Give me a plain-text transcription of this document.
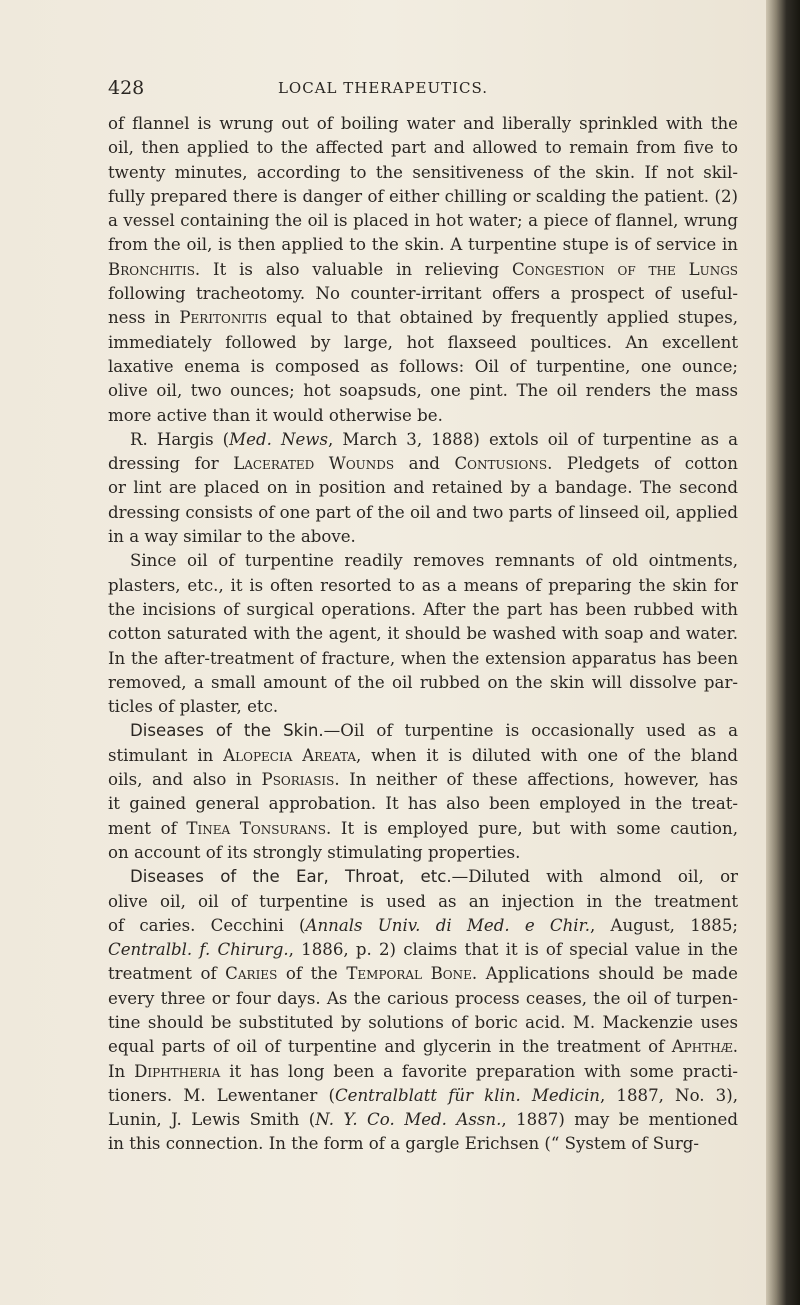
428	LOCAL THERAPEUTICS.
of flannel is wrung out of boiling water and liberally sprinkled with the
oil, then applied to the affected part and allowed to remain from five to
twenty minutes, according to the sensitiveness of the skin. If not skil-
fully prepared there is danger of either chilling or scalding the patient. (2)
a vessel containing the oil is placed in hot water; a piece of flannel, wrung
from the oil, is then applied to the skin. A turpentine stupe is of service in
Bronchitis. It is also valuable in relieving Congestion of the Lungs
following tracheotomy. No counter-irritant offers a prospect of useful-
ness in Peritonitis equal to that obtained by frequently applied stupes,
immediately followed by large, hot flaxseed poultices. An excellent
laxative enema is composed as follows: Oil of turpentine, one ounce;
olive oil, two ounces; hot soapsuds, one pint. The oil renders the mass
more active than it would otherwise be.
R. Hargis (Med. News, March 3, 1888) extols oil of turpentine as a
dressing for Lacerated Wounds and Contusions. Pledgets of cotton
or lint are placed on in position and retained by a bandage. The second
dressing consists of one part of the oil and two parts of linseed oil, applied
in a way similar to the above.
Since oil of turpentine readily removes remnants of old ointments,
plasters, etc., it is often resorted to as a means of preparing the skin for
the incisions of surgical operations. After the part has been rubbed with
cotton saturated with the agent, it should be washed with soap and water.
In the after-treatment of fracture, when the extension apparatus has been
removed, a small amount of the oil rubbed on the skin will dissolve par-
ticles of plaster, etc.
Diseases of the Skin.—Oil of turpentine is occasionally used as a
stimulant in Alopecia Areata, when it is diluted with one of the bland
oils, and also in Psoriasis. In neither of these affections, however, has
it gained general approbation. It has also been employed in the treat-
ment of Tinea Tonsurans. It is employed pure, but with some caution,
on account of its strongly stimulating properties.
Diseases of the Ear, Throat, etc.—Diluted with almond oil, or
olive oil, oil of turpentine is used as an injection in the treatment
of caries. Cecchini (Annals Univ. di Med. e Chir., August, 1885;
Centralbl. f. Chirurg., 1886, p. 2) claims that it is of special value in the
treatment of Caries of the Temporal Bone. Applications should be made
every three or four days. As the carious process ceases, the oil of turpen-
tine should be substituted by solutions of boric acid. M. Mackenzie uses
equal parts of oil of turpentine and glycerin in the treatment of Aphthæ.
In Diphtheria it has long been a favorite preparation with some practi-
tioners. M. Lewentaner (Centralblatt für klin. Medicin, 1887, No. 3),
Lunin, J. Lewis Smith (N. Y. Co. Med. Assn., 1887) may be mentioned
in this connection. In the form of a gargle Erichsen (“ System of Surg-
